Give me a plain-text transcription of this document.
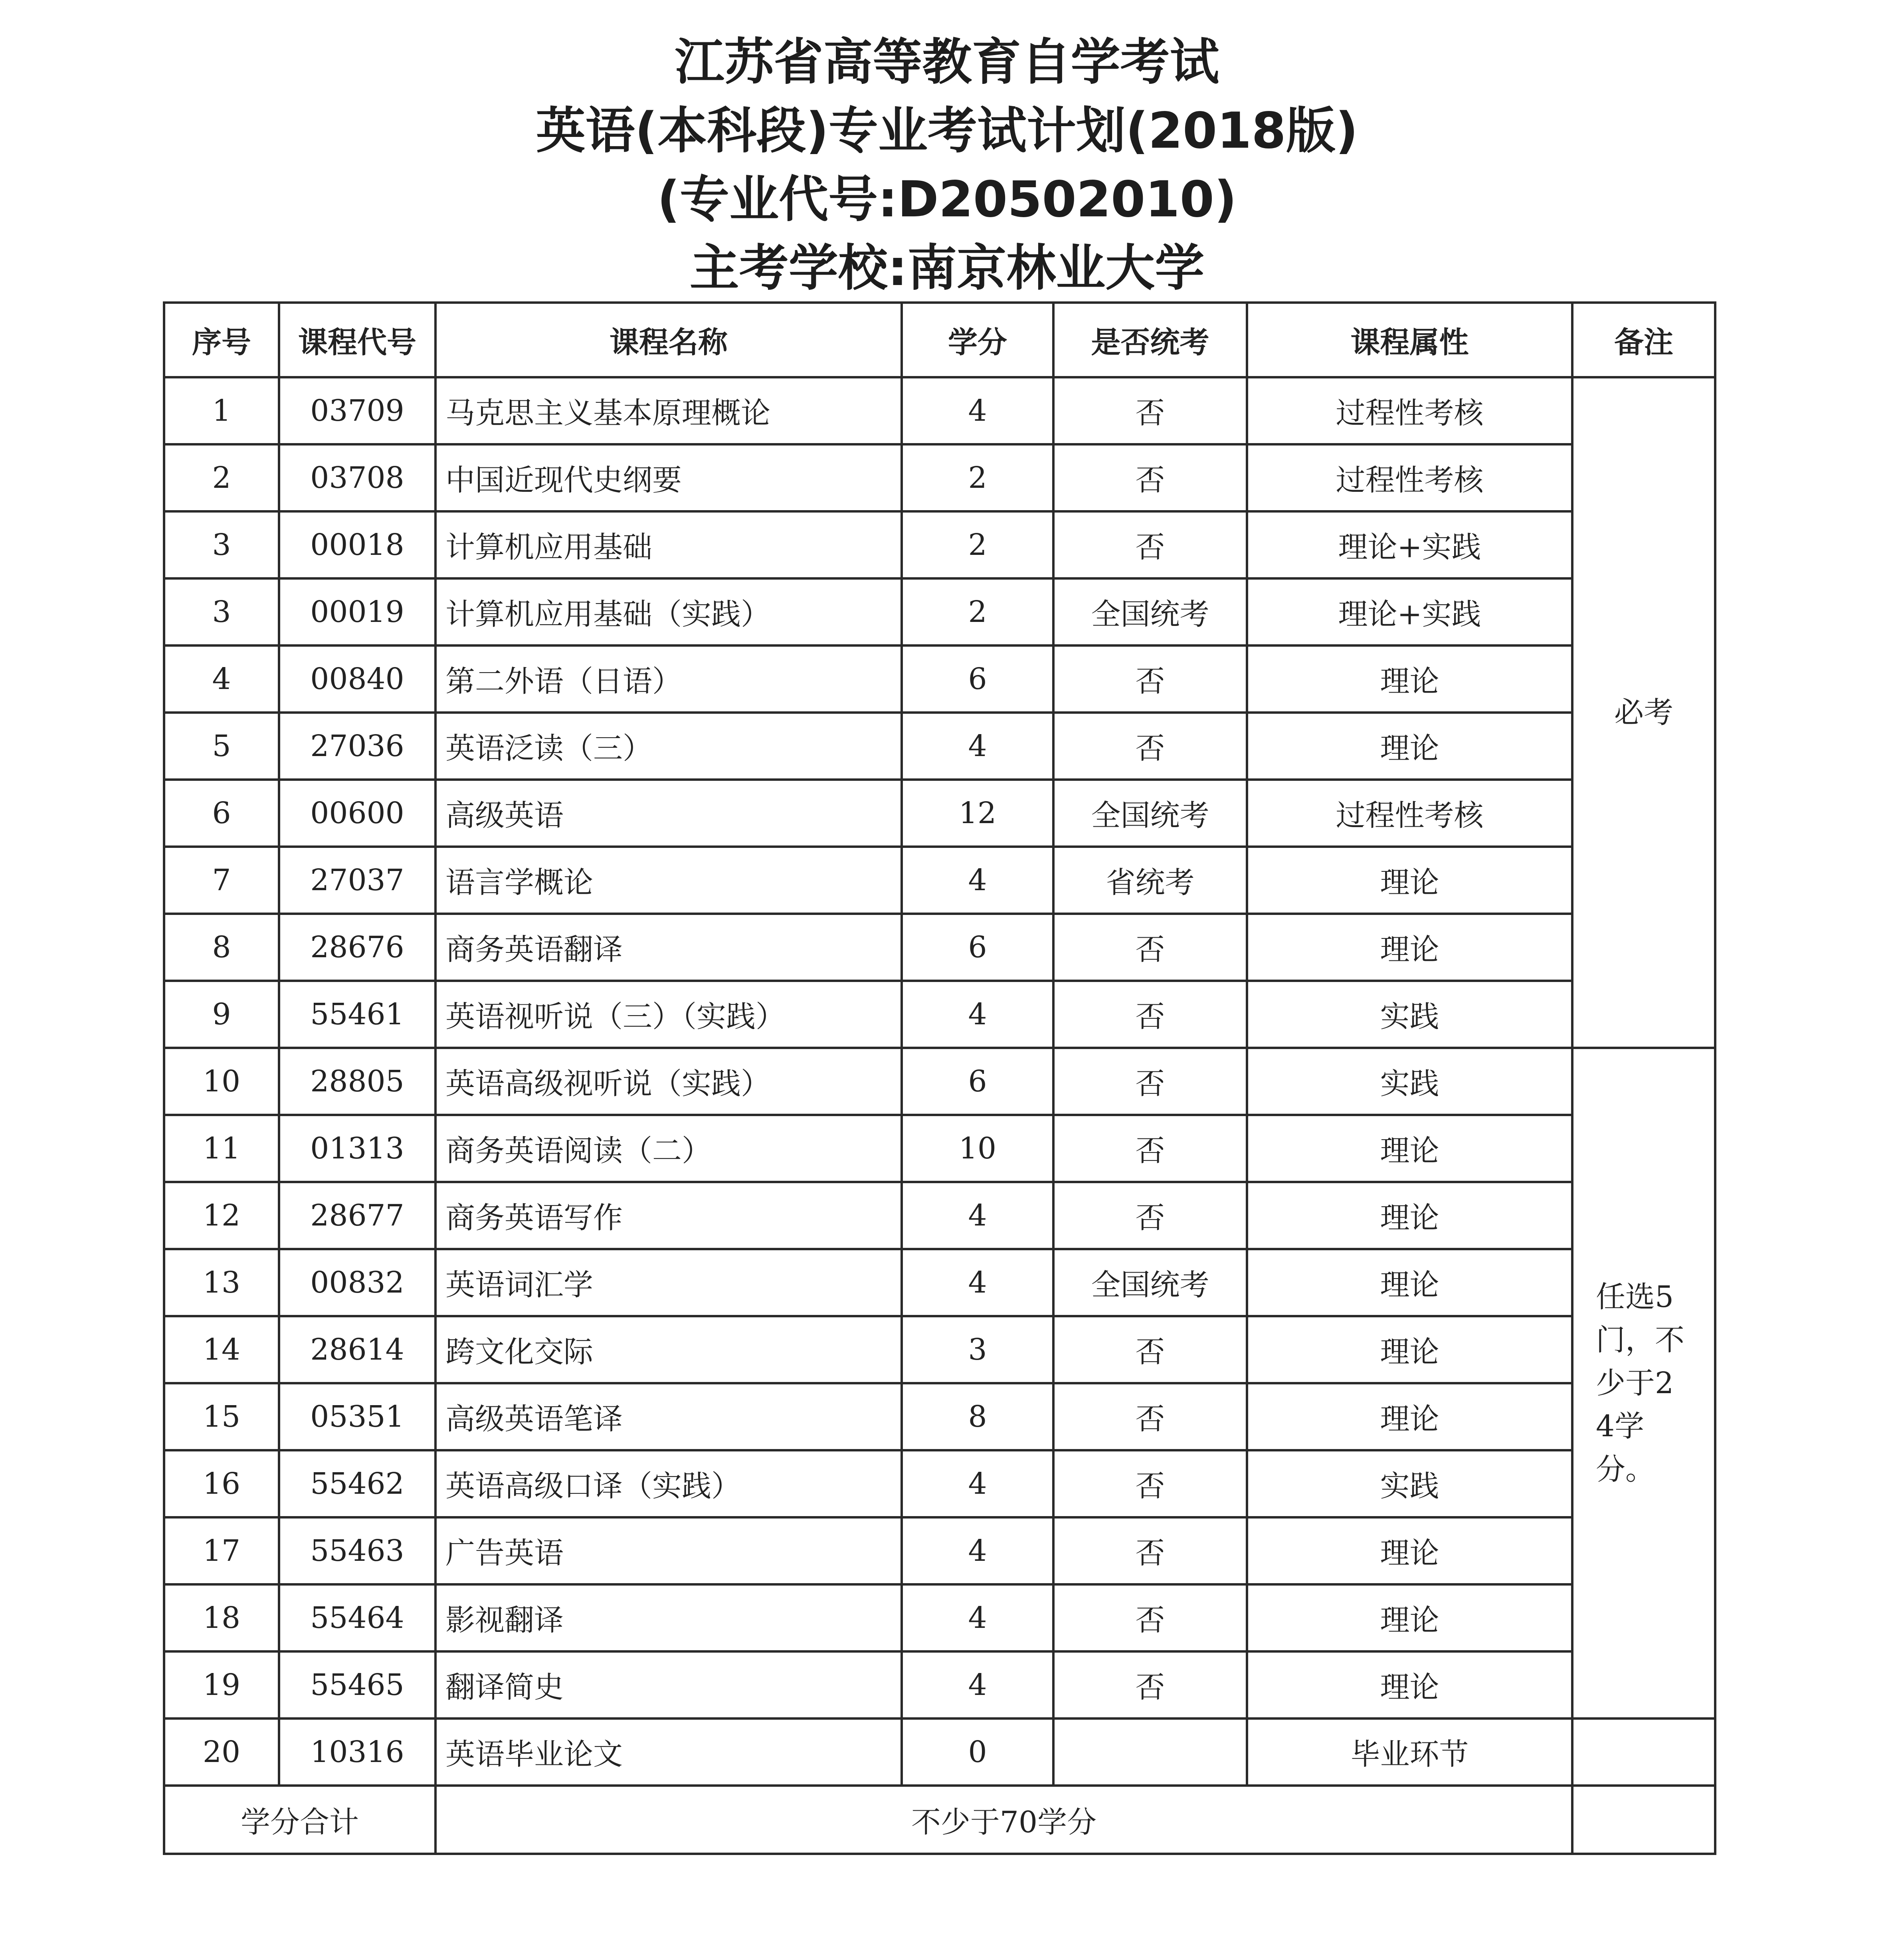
江苏省高等教育自学考试
英语(本科段)专业考试计划(2018版)
(专业代号:D20502010)
主考学校:南京林业大学
序号	课程代号	课程名称	学分	是否统考	课程属性	备注
1	03709	马克思主义基本原理概论	4	否	过程性考核	必考
2	03708	中国近现代史纲要	2	否	过程性考核	
3	00018	计算机应用基础	2	否	理论+实践	
3	00019	计算机应用基础（实践）	2	全国统考	理论+实践	
4	00840	第二外语（日语）	6	否	理论	
5	27036	英语泛读（三）	4	否	理论	
6	00600	高级英语	12	全国统考	过程性考核	
7	27037	语言学概论	4	省统考	理论	
8	28676	商务英语翻译	6	否	理论	
9	55461	英语视听说（三）（实践）	4	否	实践	
10	28805	英语高级视听说（实践）	6	否	实践	任选5门，不少于24学分。

11	01313	商务英语阅读（二）	10	否	理论	
12	28677	商务英语写作	4	否	理论	
13	00832	英语词汇学	4	全国统考	理论	
14	28614	跨文化交际	3	否	理论	
15	05351	高级英语笔译	8	否	理论	
16	55462	英语高级口译（实践）	4	否	实践	
17	55463	广告英语	4	否	理论	
18	55464	影视翻译	4	否	理论	
19	55465	翻译简史	4	否	理论	
20	10316	英语毕业论文	0		毕业环节	
学分合计		不少于70学分				
